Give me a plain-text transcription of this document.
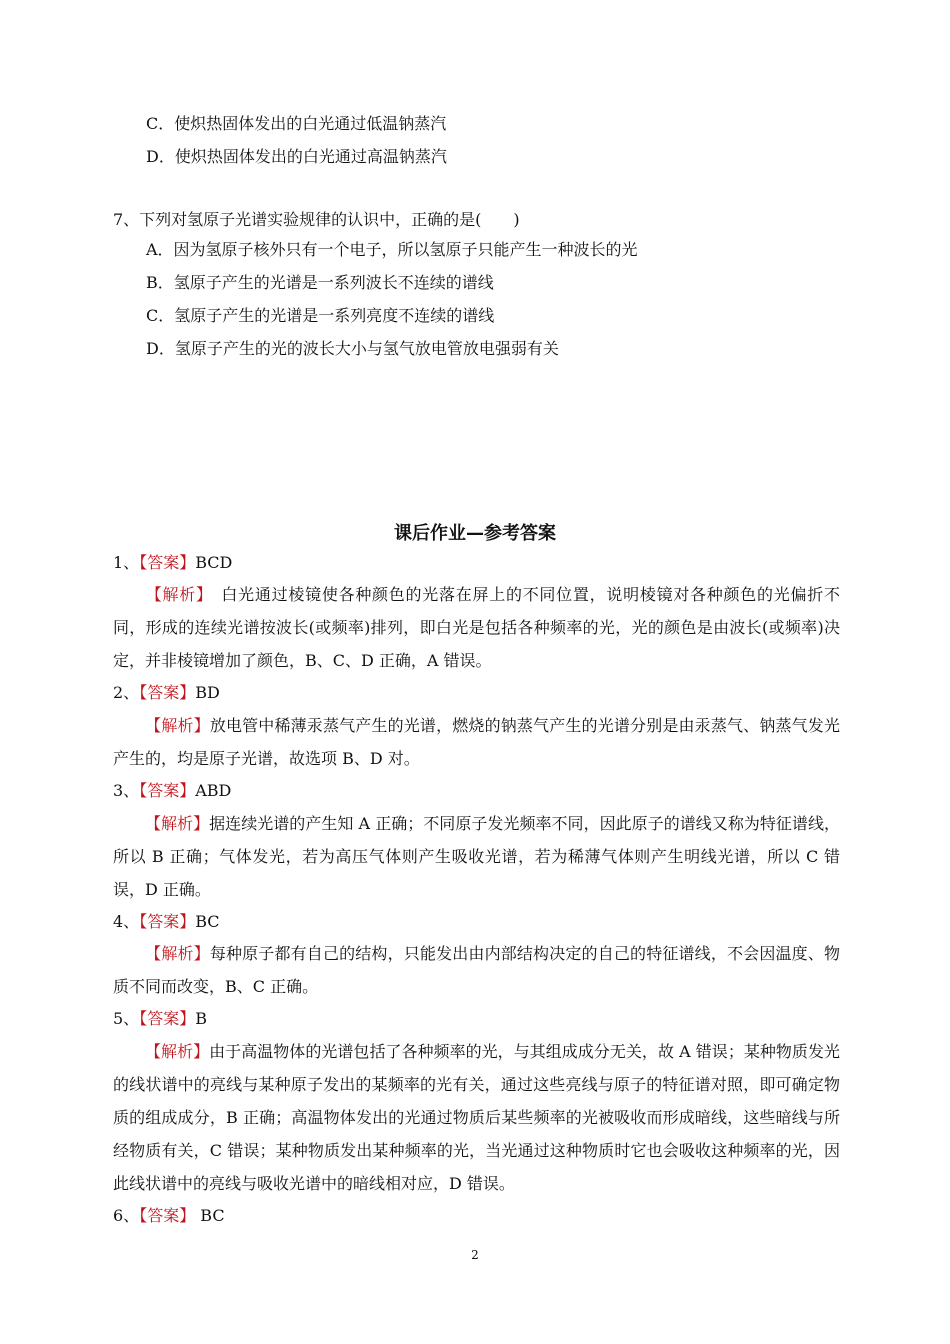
C．使炽热固体发出的白光通过低温钠蒸汽
D．使炽热固体发出的白光通过高温钠蒸汽
7、下列对氢原子光谱实验规律的认识中，正确的是(　　)
A．因为氢原子核外只有一个电子，所以氢原子只能产生一种波长的光
B．氢原子产生的光谱是一系列波长不连续的谱线
C．氢原子产生的光谱是一系列亮度不连续的谱线
D．氢原子产生的光的波长大小与氢气放电管放电强弱有关
课后作业—参考答案
1、【答案】BCD
【解析】　白光通过棱镜使各种颜色的光落在屏上的不同位置，说明棱镜对各种颜色的光偏折不同，形成的连续光谱按波长(或频率)排列，即白光是包括各种频率的光，光的颜色是由波长(或频率)决定，并非棱镜增加了颜色，B、C、D 正确，A 错误。
2、【答案】BD
【解析】放电管中稀薄汞蒸气产生的光谱，燃烧的钠蒸气产生的光谱分别是由汞蒸气、钠蒸气发光产生的，均是原子光谱，故选项 B、D 对。
3、【答案】ABD
【解析】据连续光谱的产生知 A 正确；不同原子发光频率不同，因此原子的谱线又称为特征谱线，所以 B 正确；气体发光，若为高压气体则产生吸收光谱，若为稀薄气体则产生明线光谱，所以 C 错误，D 正确。
4、【答案】BC
【解析】每种原子都有自己的结构，只能发出由内部结构决定的自己的特征谱线，不会因温度、物质不同而改变，B、C 正确。
5、【答案】B
【解析】由于高温物体的光谱包括了各种频率的光，与其组成成分无关，故 A 错误；某种物质发光的线状谱中的亮线与某种原子发出的某频率的光有关，通过这些亮线与原子的特征谱对照，即可确定物质的组成成分，B 正确；高温物体发出的光通过物质后某些频率的光被吸收而形成暗线，这些暗线与所经物质有关，C 错误；某种物质发出某种频率的光，当光通过这种物质时它也会吸收这种频率的光，因此线状谱中的亮线与吸收光谱中的暗线相对应，D 错误。
6、【答案】 BC
2
